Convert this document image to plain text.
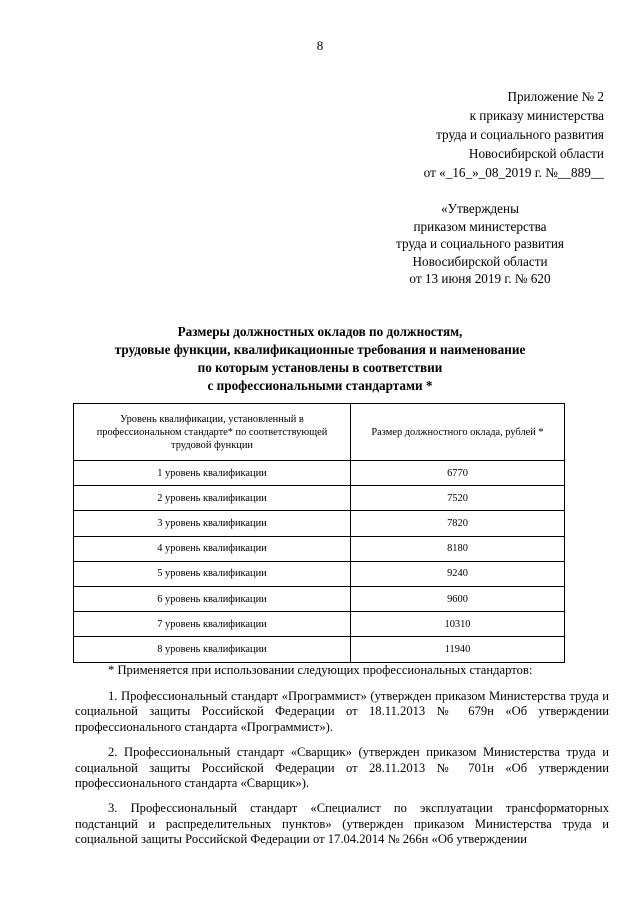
8
Приложение № 2
к приказу министерства
труда и социального развития
Новосибирской области
от «_16_»_08_2019 г. №__889__
«Утверждены
приказом министерства
труда и социального развития
Новосибирской области
от 13 июня 2019 г. № 620
Размеры должностных окладов по должностям,
трудовые функции, квалификационные требования и наименование
по которым установлены в соответствии
с профессиональными стандартами *
Уровень квалификации, установленный в профессиональном стандарте* по соответствующей трудовой функции	Размер должностного оклада, рублей *
1 уровень квалификации	6770
2 уровень квалификации	7520
3 уровень квалификации	7820
4 уровень квалификации	8180
5 уровень квалификации	9240
6 уровень квалификации	9600
7 уровень квалификации	10310
8 уровень квалификации	11940

* Применяется при использовании следующих профессиональных стандартов:

1. Профессиональный стандарт «Программист» (утвержден приказом Министерства труда и социальной защиты Российской Федерации от 18.11.2013 № 679н «Об утверждении профессионального стандарта «Программист»).

2. Профессиональный стандарт «Сварщик» (утвержден приказом Министерства труда и социальной защиты Российской Федерации от 28.11.2013 № 701н «Об утверждении профессионального стандарта «Сварщик»).

3. Профессиональный стандарт «Специалист по эксплуатации трансформаторных подстанций и распределительных пунктов» (утвержден приказом Министерства труда и социальной защиты Российской Федерации от 17.04.2014 № 266н «Об утверждении
